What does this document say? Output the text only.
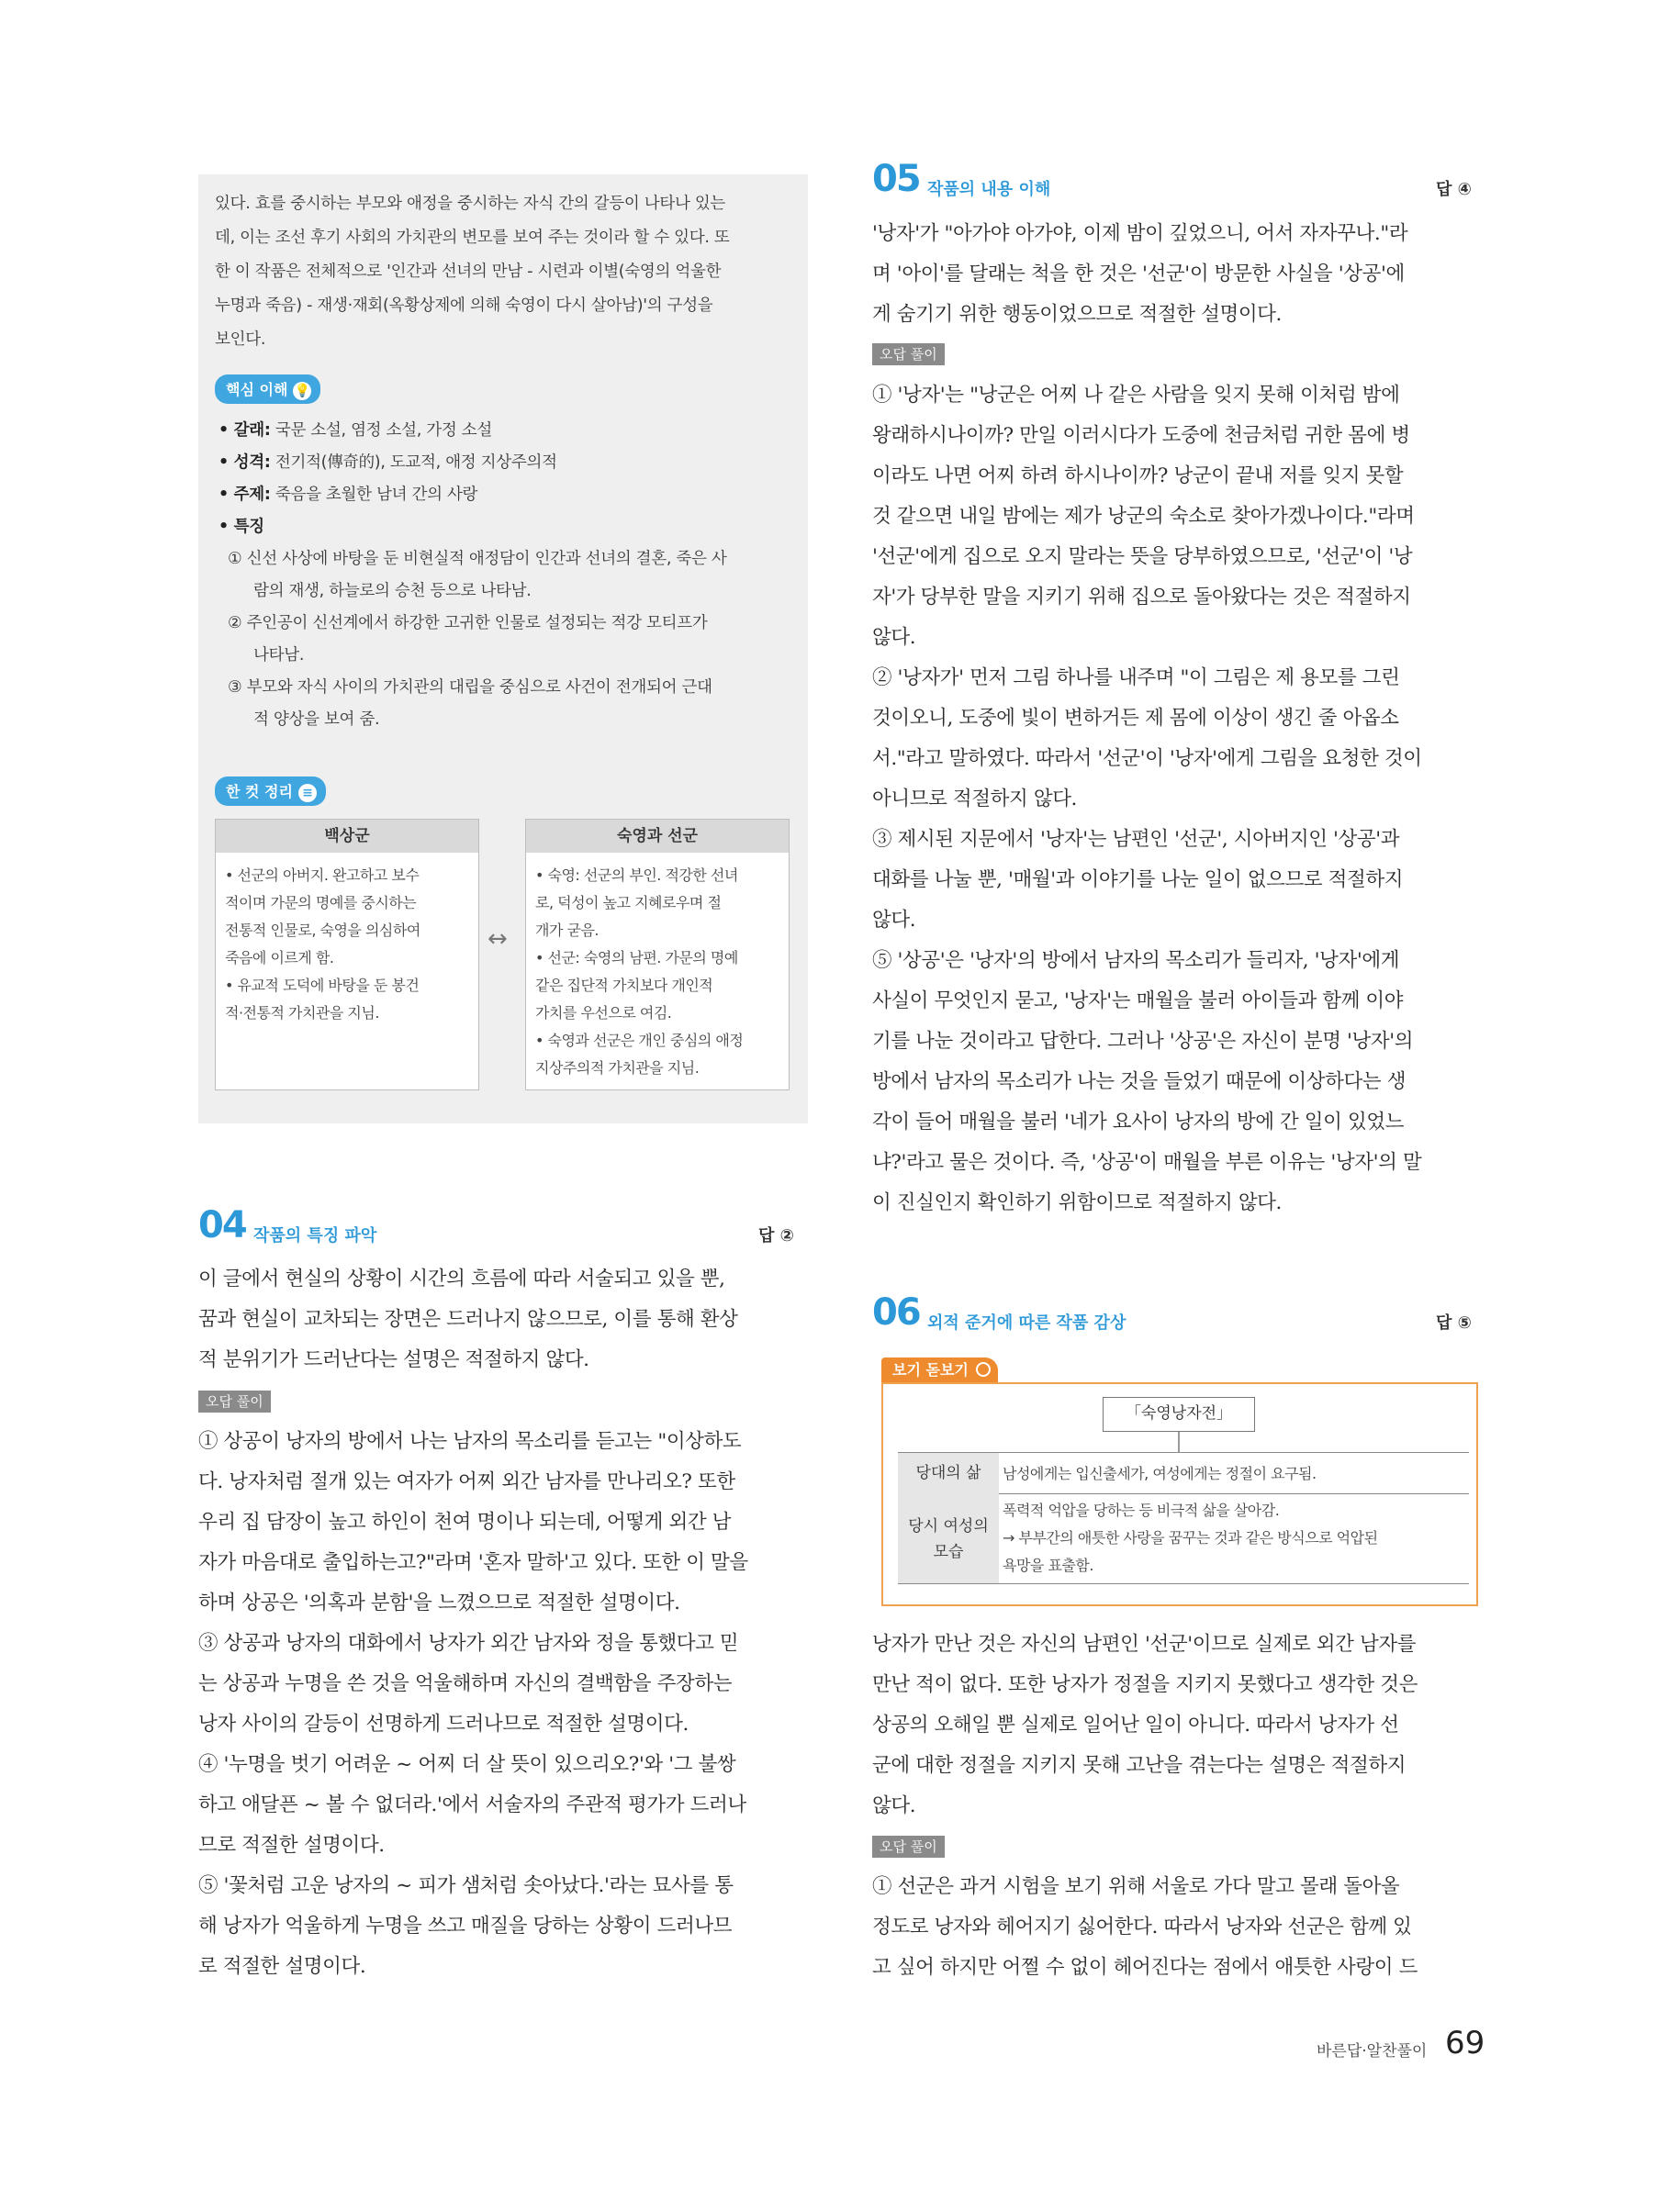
있다. 효를 중시하는 부모와 애정을 중시하는 자식 간의 갈등이 나타나 있는
데, 이는 조선 후기 사회의 가치관의 변모를 보여 주는 것이라 할 수 있다. 또
한 이 작품은 전체적으로 '인간과 선녀의 만남 - 시련과 이별(숙영의 억울한
누명과 죽음) - 재생·재회(옥황상제에 의해 숙영이 다시 살아남)'의 구성을
보인다.
핵심 이해 💡
• 갈래: 국문 소설, 염정 소설, 가정 소설
• 성격: 전기적(傳奇的), 도교적, 애정 지상주의적
• 주제: 죽음을 초월한 남녀 간의 사랑
• 특징
① 신선 사상에 바탕을 둔 비현실적 애정담이 인간과 선녀의 결혼, 죽은 사
람의 재생, 하늘로의 승천 등으로 나타남.
② 주인공이 신선계에서 하강한 고귀한 인물로 설정되는 적강 모티프가
나타남.
③ 부모와 자식 사이의 가치관의 대립을 중심으로 사건이 전개되어 근대
적 양상을 보여 줌.
한 컷 정리 ≡
백상군
• 선군의 아버지. 완고하고 보수
적이며 가문의 명예를 중시하는
전통적 인물로, 숙영을 의심하여
죽음에 이르게 함.
• 유교적 도덕에 바탕을 둔 봉건
적·전통적 가치관을 지님.
↔
숙영과 선군
• 숙영: 선군의 부인. 적강한 선녀
로, 덕성이 높고 지혜로우며 절
개가 굳음.
• 선군: 숙영의 남편. 가문의 명예
같은 집단적 가치보다 개인적
가치를 우선으로 여김.
• 숙영과 선군은 개인 중심의 애정
지상주의적 가치관을 지님.
04 작품의 특징 파악	답 ②
이 글에서 현실의 상황이 시간의 흐름에 따라 서술되고 있을 뿐,
꿈과 현실이 교차되는 장면은 드러나지 않으므로, 이를 통해 환상
적 분위기가 드러난다는 설명은 적절하지 않다.
오답 풀이
① 상공이 낭자의 방에서 나는 남자의 목소리를 듣고는 "이상하도
다. 낭자처럼 절개 있는 여자가 어찌 외간 남자를 만나리오? 또한
우리 집 담장이 높고 하인이 천여 명이나 되는데, 어떻게 외간 남
자가 마음대로 출입하는고?"라며 '혼자 말하'고 있다. 또한 이 말을
하며 상공은 '의혹과 분함'을 느꼈으므로 적절한 설명이다.
③ 상공과 낭자의 대화에서 낭자가 외간 남자와 정을 통했다고 믿
는 상공과 누명을 쓴 것을 억울해하며 자신의 결백함을 주장하는
낭자 사이의 갈등이 선명하게 드러나므로 적절한 설명이다.
④ '누명을 벗기 어려운 ~ 어찌 더 살 뜻이 있으리오?'와 '그 불쌍
하고 애달픈 ~ 볼 수 없더라.'에서 서술자의 주관적 평가가 드러나
므로 적절한 설명이다.
⑤ '꽃처럼 고운 낭자의 ~ 피가 샘처럼 솟아났다.'라는 묘사를 통
해 낭자가 억울하게 누명을 쓰고 매질을 당하는 상황이 드러나므
로 적절한 설명이다.
05 작품의 내용 이해	답 ④
'낭자'가 "아가야 아가야, 이제 밤이 깊었으니, 어서 자자꾸나."라
며 '아이'를 달래는 척을 한 것은 '선군'이 방문한 사실을 '상공'에
게 숨기기 위한 행동이었으므로 적절한 설명이다.
오답 풀이
① '낭자'는 "낭군은 어찌 나 같은 사람을 잊지 못해 이처럼 밤에
왕래하시나이까? 만일 이러시다가 도중에 천금처럼 귀한 몸에 병
이라도 나면 어찌 하려 하시나이까? 낭군이 끝내 저를 잊지 못할
것 같으면 내일 밤에는 제가 낭군의 숙소로 찾아가겠나이다."라며
'선군'에게 집으로 오지 말라는 뜻을 당부하였으므로, '선군'이 '낭
자'가 당부한 말을 지키기 위해 집으로 돌아왔다는 것은 적절하지
않다.
② '낭자가' 먼저 그림 하나를 내주며 "이 그림은 제 용모를 그린
것이오니, 도중에 빛이 변하거든 제 몸에 이상이 생긴 줄 아옵소
서."라고 말하였다. 따라서 '선군'이 '낭자'에게 그림을 요청한 것이
아니므로 적절하지 않다.
③ 제시된 지문에서 '낭자'는 남편인 '선군', 시아버지인 '상공'과
대화를 나눌 뿐, '매월'과 이야기를 나눈 일이 없으므로 적절하지
않다.
⑤ '상공'은 '낭자'의 방에서 남자의 목소리가 들리자, '낭자'에게
사실이 무엇인지 묻고, '낭자'는 매월을 불러 아이들과 함께 이야
기를 나눈 것이라고 답한다. 그러나 '상공'은 자신이 분명 '낭자'의
방에서 남자의 목소리가 나는 것을 들었기 때문에 이상하다는 생
각이 들어 매월을 불러 '네가 요사이 낭자의 방에 간 일이 있었느
냐?'라고 물은 것이다. 즉, '상공'이 매월을 부른 이유는 '낭자'의 말
이 진실인지 확인하기 위함이므로 적절하지 않다.
06 외적 준거에 따른 작품 감상	답 ⑤
보기 돋보기
「숙영낭자전」
당대의 삶	남성에게는 입신출세가, 여성에게는 정절이 요구됨.
당시 여성의
모습
폭력적 억압을 당하는 등 비극적 삶을 살아감.
→ 부부간의 애틋한 사랑을 꿈꾸는 것과 같은 방식으로 억압된
욕망을 표출함.
낭자가 만난 것은 자신의 남편인 '선군'이므로 실제로 외간 남자를
만난 적이 없다. 또한 낭자가 정절을 지키지 못했다고 생각한 것은
상공의 오해일 뿐 실제로 일어난 일이 아니다. 따라서 낭자가 선
군에 대한 정절을 지키지 못해 고난을 겪는다는 설명은 적절하지
않다.
오답 풀이
① 선군은 과거 시험을 보기 위해 서울로 가다 말고 몰래 돌아올
정도로 낭자와 헤어지기 싫어한다. 따라서 낭자와 선군은 함께 있
고 싶어 하지만 어쩔 수 없이 헤어진다는 점에서 애틋한 사랑이 드
바른답·알찬풀이 69
